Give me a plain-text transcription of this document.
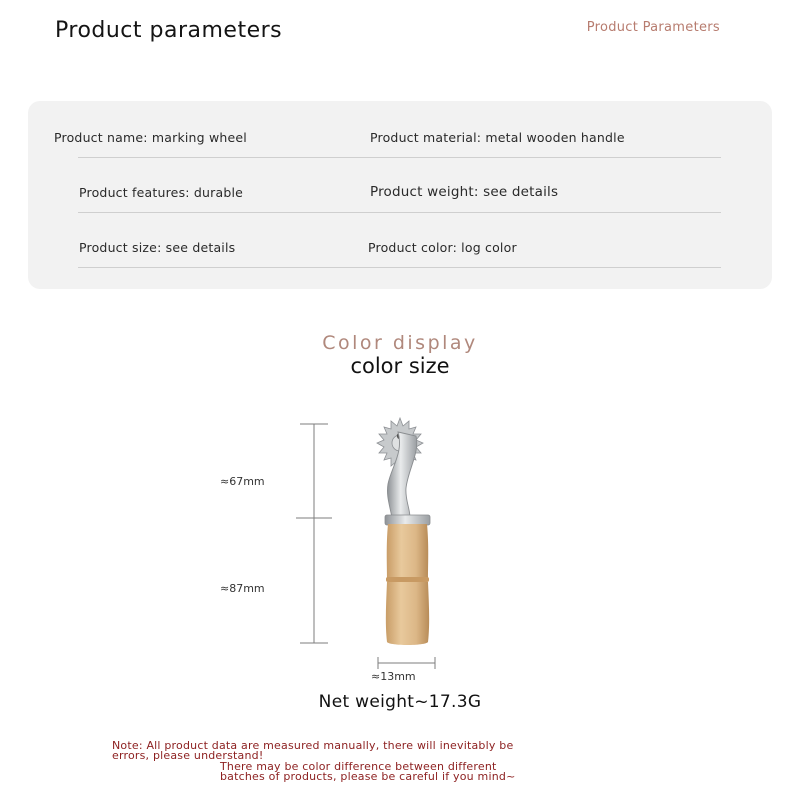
Product parameters	Product Parameters
Product name: marking wheel	Product material: metal wooden handle
Product features: durable	Product weight: see details
Product size: see details	Product color: log color
Color display
color size
≈67mm
≈87mm
≈13mm
Net weight~17.3G
Note: All product data are measured manually, there will inevitably be
errors, please understand!
There may be color difference between different
batches of products, please be careful if you mind~
